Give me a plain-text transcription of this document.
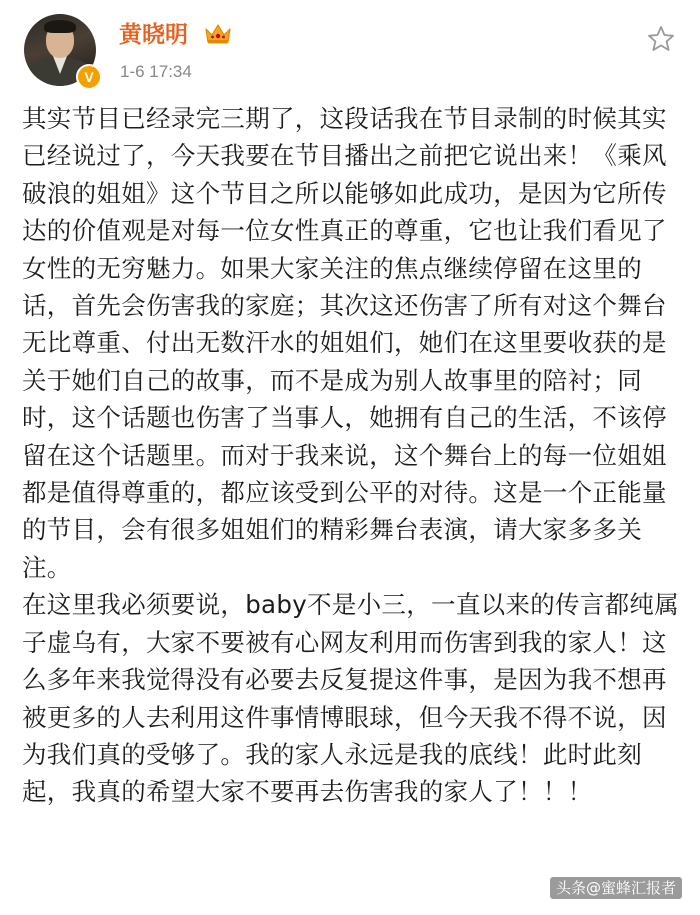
V
黄晓明
1-6 17:34

其实节目已经录完三期了，这段话我在节目录制的时候其实已经说过了，今天我要在节目播出之前把它说出来！《乘风破浪的姐姐》这个节目之所以能够如此成功，是因为它所传达的价值观是对每一位女性真正的尊重，它也让我们看见了女性的无穷魅力。如果大家关注的焦点继续停留在这里的话，首先会伤害我的家庭；其次这还伤害了所有对这个舞台无比尊重、付出无数汗水的姐姐们，她们在这里要收获的是关于她们自己的故事，而不是成为别人故事里的陪衬；同时，这个话题也伤害了当事人，她拥有自己的生活，不该停留在这个话题里。而对于我来说，这个舞台上的每一位姐姐都是值得尊重的，都应该受到公平的对待。这是一个正能量的节目，会有很多姐姐们的精彩舞台表演，请大家多多关注。

在这里我必须要说，baby不是小三，一直以来的传言都纯属子虚乌有，大家不要被有心网友利用而伤害到我的家人！这么多年来我觉得没有必要去反复提这件事，是因为我不想再被更多的人去利用这件事情博眼球，但今天我不得不说，因为我们真的受够了。我的家人永远是我的底线！此时此刻起，我真的希望大家不要再去伤害我的家人了！！！

头条@蜜蜂汇报者
